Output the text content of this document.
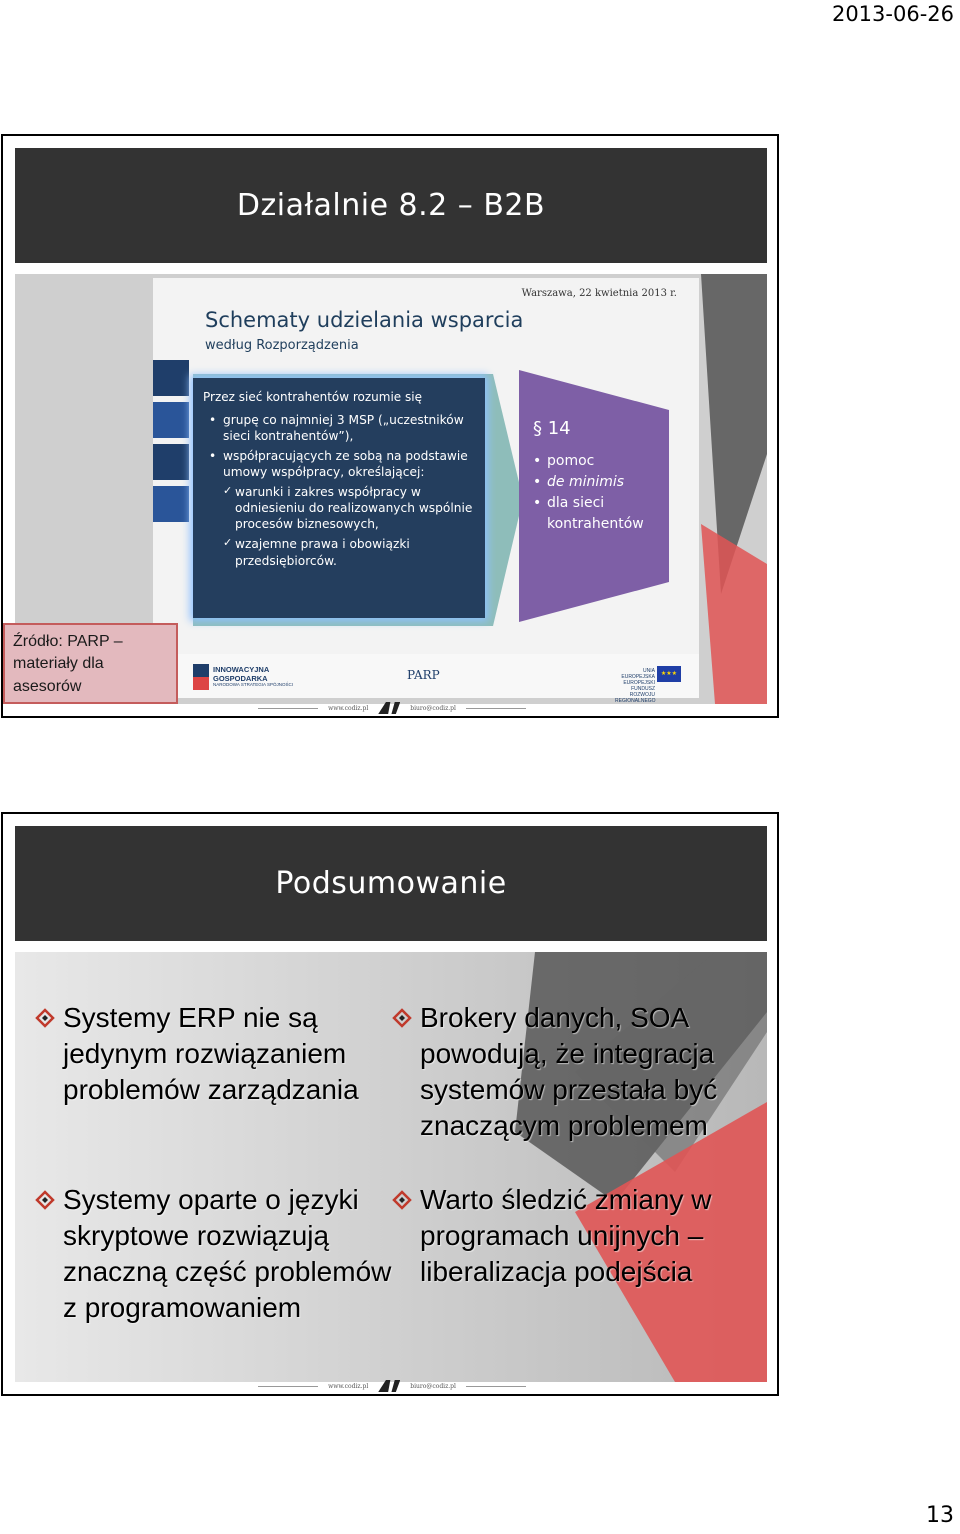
2013-06-26
Działalnie 8.2 – B2B
Warszawa, 22 kwietnia 2013 r.
Schematy udzielania wsparcia
według Rozporządzenia
Przez sieć kontrahentów rozumie się
• grupę co najmniej 3 MSP („uczestników sieci kontrahentów”),
• współpracujących ze sobą na podstawie umowy współpracy, określającej:
✓ warunki i zakres współpracy w odniesieniu do realizowanych wspólnie procesów biznesowych,
✓ wzajemne prawa i obowiązki przedsiębiorców.
§ 14
• pomoc
• de minimis
• dla sieci kontrahentów
INNOWACYJNA GOSPODARKA
NARODOWA STRATEGIA SPÓJNOŚCI
PARP	UNIA EUROPEJSKA EUROPEJSKI FUNDUSZ ROZWOJU REGIONALNEGO
★★★
Źródło: PARP – materiały dla asesorów
www.codiz.pl	biuro@codiz.pl
Podsumowanie
Systemy ERP nie są jedynym rozwiązaniem problemów zarządzania
Systemy oparte o języki skryptowe rozwiązują znaczną część problemów z programowaniem
Brokery danych, SOA powodują, że integracja systemów przestała być znaczącym problemem
Warto śledzić zmiany w programach unijnych – liberalizacja podejścia
www.codiz.pl	biuro@codiz.pl
13
